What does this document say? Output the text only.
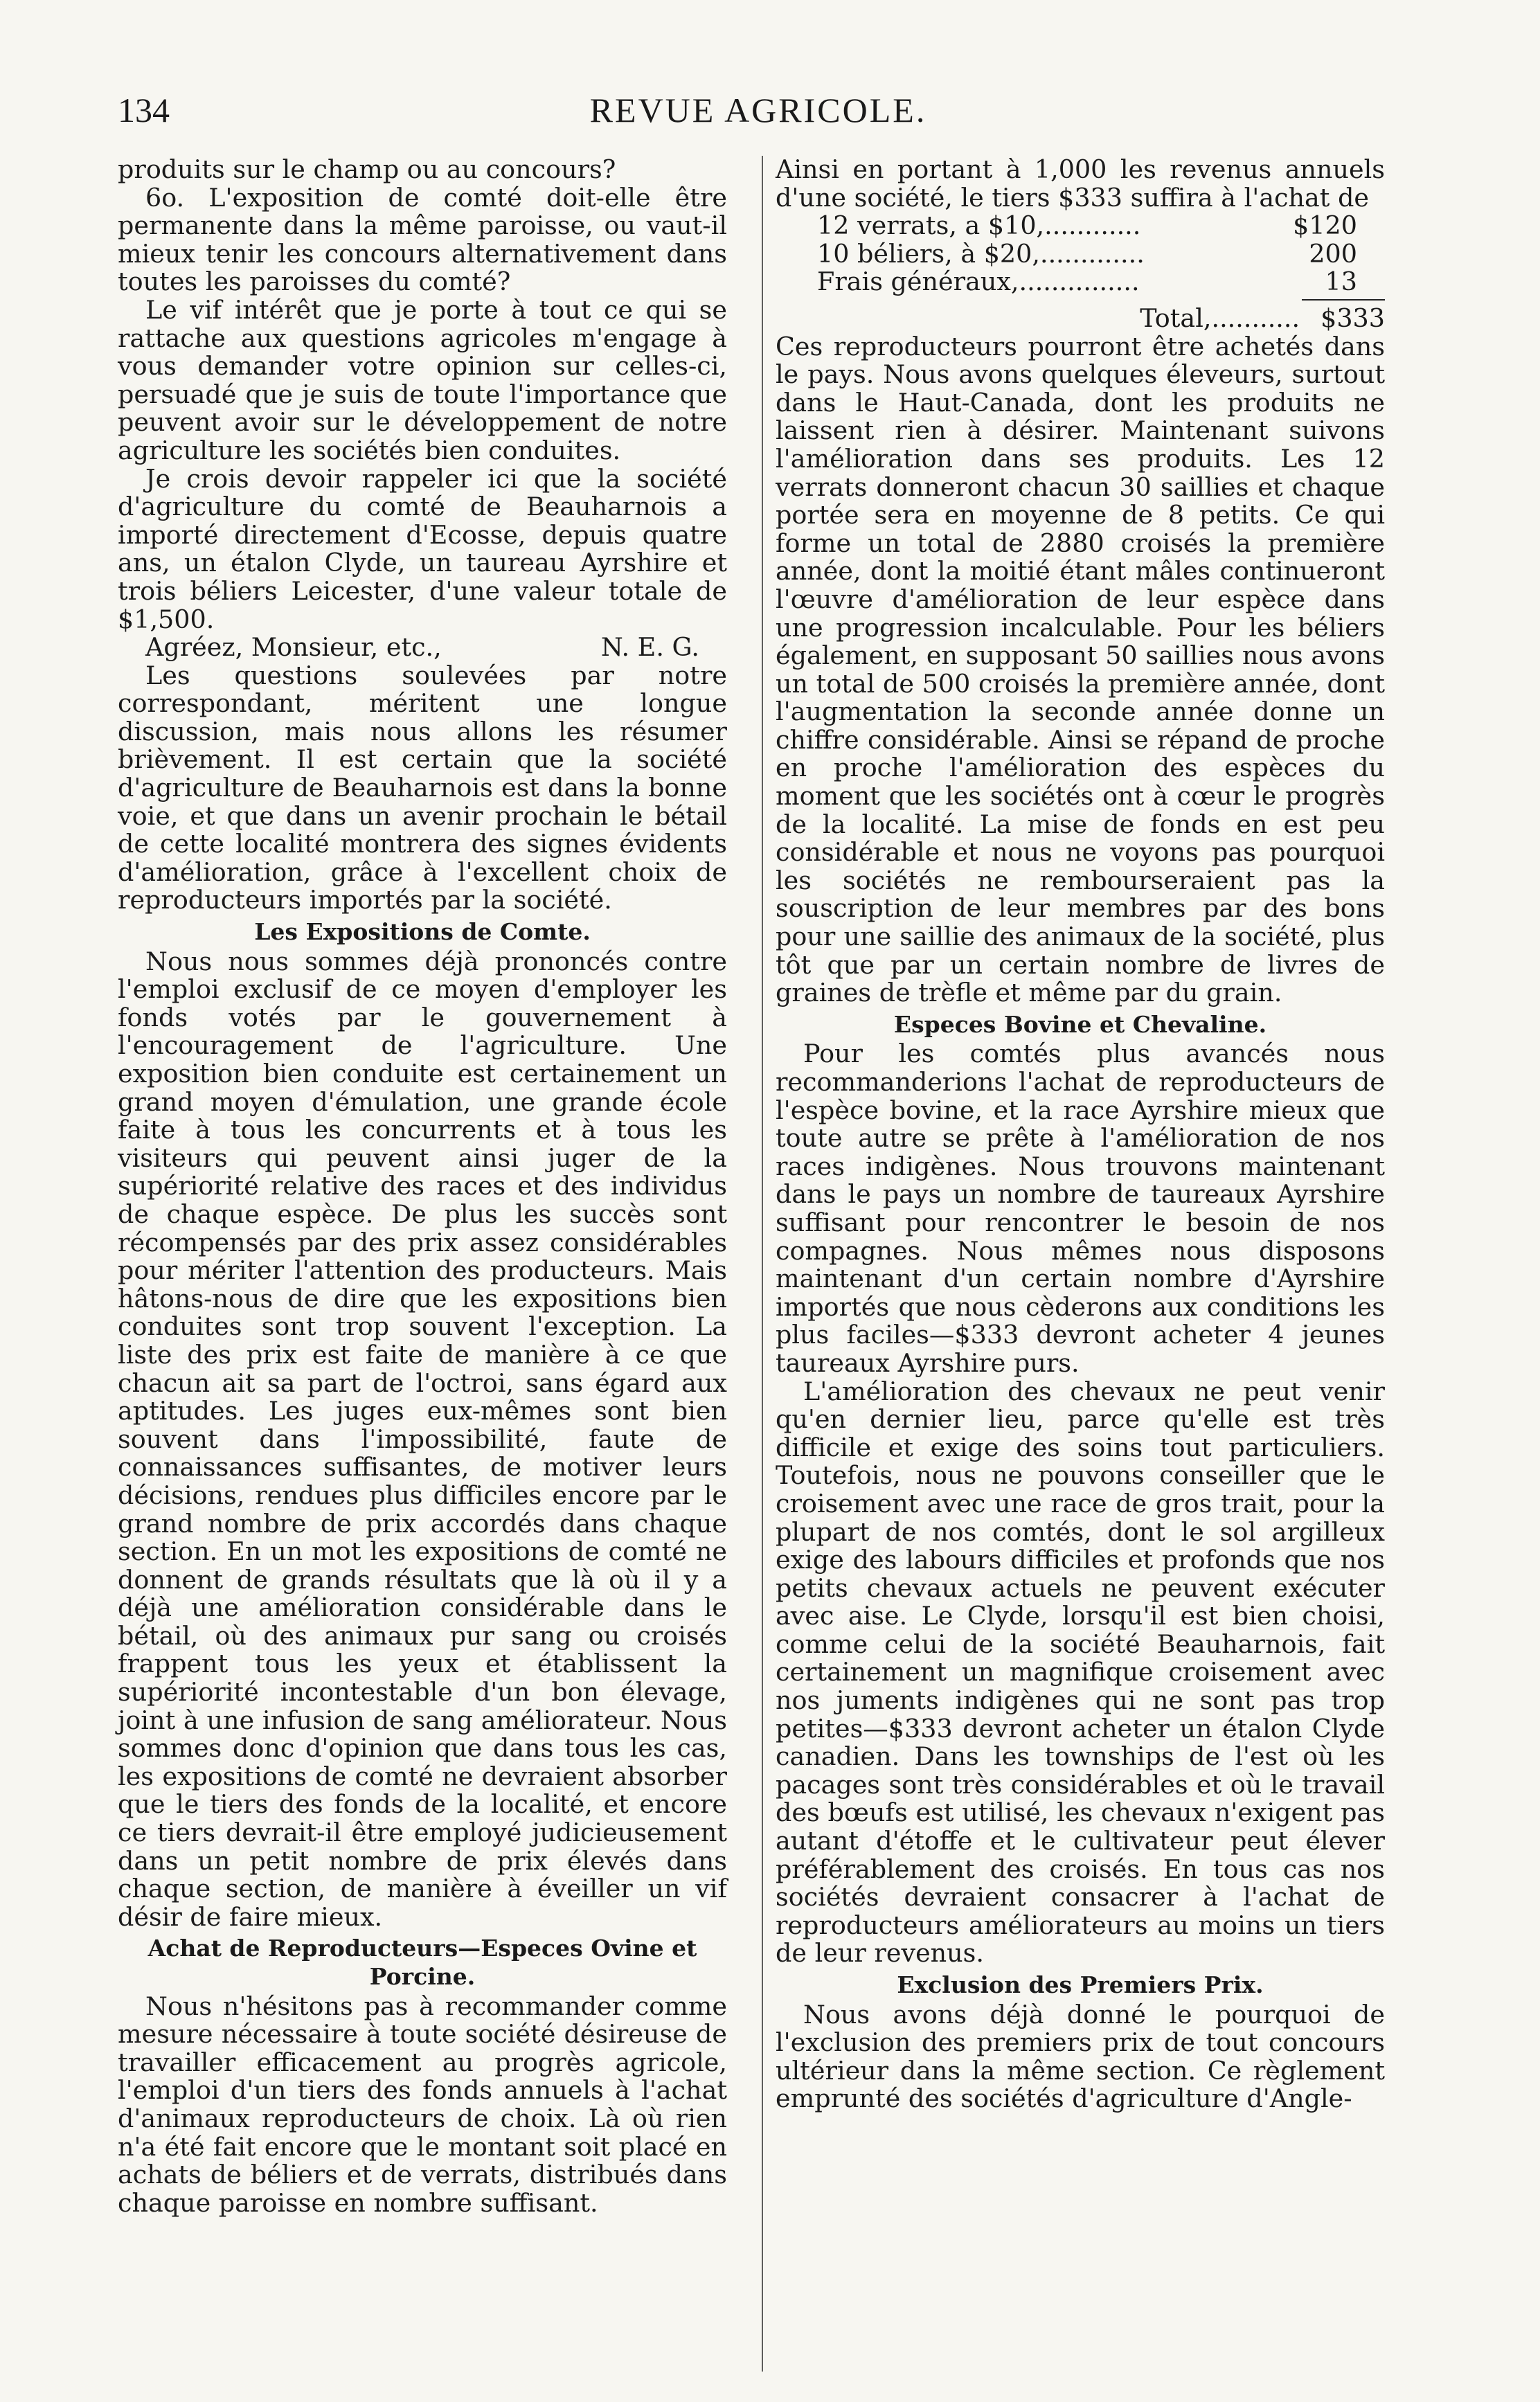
134	REVUE AGRICOLE.

produits sur le champ ou au concours?

6o. L'exposition de comté doit-elle être permanente dans la même paroisse, ou vaut-il mieux tenir les concours alternativement dans toutes les paroisses du comté?

Le vif intérêt que je porte à tout ce qui se rattache aux questions agricoles m'engage à vous demander votre opinion sur celles-ci, persuadé que je suis de toute l'importance que peuvent avoir sur le développement de notre agriculture les sociétés bien conduites.

Je crois devoir rappeler ici que la société d'agriculture du comté de Beauharnois a importé directement d'Ecosse, depuis quatre ans, un étalon Clyde, un taureau Ayrshire et trois béliers Leicester, d'une valeur totale de $1,500.

Agréez, Monsieur, etc.,	N. E. G.

Les questions soulevées par notre correspondant, méritent une longue discussion, mais nous allons les résumer brièvement. Il est certain que la société d'agriculture de Beauharnois est dans la bonne voie, et que dans un avenir prochain le bétail de cette localité montrera des signes évidents d'amélioration, grâce à l'excellent choix de reproducteurs importés par la société.

Les Expositions de Comte.

Nous nous sommes déjà prononcés contre l'emploi exclusif de ce moyen d'employer les fonds votés par le gouvernement à l'encouragement de l'agriculture. Une exposition bien conduite est certainement un grand moyen d'émulation, une grande école faite à tous les concurrents et à tous les visiteurs qui peuvent ainsi juger de la supériorité relative des races et des individus de chaque espèce. De plus les succès sont récompensés par des prix assez considérables pour mériter l'attention des producteurs. Mais hâtons-nous de dire que les expositions bien conduites sont trop souvent l'exception. La liste des prix est faite de manière à ce que chacun ait sa part de l'octroi, sans égard aux aptitudes. Les juges eux-mêmes sont bien souvent dans l'impossibilité, faute de connaissances suffisantes, de motiver leurs décisions, rendues plus difficiles encore par le grand nombre de prix accordés dans chaque section. En un mot les expositions de comté ne donnent de grands résultats que là où il y a déjà une amélioration considérable dans le bétail, où des animaux pur sang ou croisés frappent tous les yeux et établissent la supériorité incontestable d'un bon élevage, joint à une infusion de sang améliorateur. Nous sommes donc d'opinion que dans tous les cas, les expositions de comté ne devraient absorber que le tiers des fonds de la localité, et encore ce tiers devrait-il être employé judicieusement dans un petit nombre de prix élevés dans chaque section, de manière à éveiller un vif désir de faire mieux.

Achat de Reproducteurs—Especes Ovine et Porcine.

Nous n'hésitons pas à recommander comme mesure nécessaire à toute société désireuse de travailler efficacement au progrès agricole, l'emploi d'un tiers des fonds annuels à l'achat d'animaux reproducteurs de choix. Là où rien n'a été fait encore que le montant soit placé en achats de béliers et de verrats, distribués dans chaque paroisse en nombre suffisant.

Ainsi en portant à 1,000 les revenus annuels d'une société, le tiers $333 suffira à l'achat de

12 verrats, a $10,............	$120
10 béliers, à $20,.............	200
Frais généraux,...............	13
Total,........... $333

Ces reproducteurs pourront être achetés dans le pays. Nous avons quelques éleveurs, surtout dans le Haut-Canada, dont les produits ne laissent rien à désirer. Maintenant suivons l'amélioration dans ses produits. Les 12 verrats donneront chacun 30 saillies et chaque portée sera en moyenne de 8 petits. Ce qui forme un total de 2880 croisés la première année, dont la moitié étant mâles continueront l'œuvre d'amélioration de leur espèce dans une progression incalculable. Pour les béliers également, en supposant 50 saillies nous avons un total de 500 croisés la première année, dont l'augmentation la seconde année donne un chiffre considérable. Ainsi se répand de proche en proche l'amélioration des espèces du moment que les sociétés ont à cœur le progrès de la localité. La mise de fonds en est peu considérable et nous ne voyons pas pourquoi les sociétés ne rembourseraient pas la souscription de leur membres par des bons pour une saillie des animaux de la société, plus tôt que par un certain nombre de livres de graines de trèfle et même par du grain.

Especes Bovine et Chevaline.

Pour les comtés plus avancés nous recommanderions l'achat de reproducteurs de l'espèce bovine, et la race Ayrshire mieux que toute autre se prête à l'amélioration de nos races indigènes. Nous trouvons maintenant dans le pays un nombre de taureaux Ayrshire suffisant pour rencontrer le besoin de nos compagnes. Nous mêmes nous disposons maintenant d'un certain nombre d'Ayrshire importés que nous cèderons aux conditions les plus faciles—$333 devront acheter 4 jeunes taureaux Ayrshire purs.

L'amélioration des chevaux ne peut venir qu'en dernier lieu, parce qu'elle est très difficile et exige des soins tout particuliers. Toutefois, nous ne pouvons conseiller que le croisement avec une race de gros trait, pour la plupart de nos comtés, dont le sol argilleux exige des labours difficiles et profonds que nos petits chevaux actuels ne peuvent exécuter avec aise. Le Clyde, lorsqu'il est bien choisi, comme celui de la société Beauharnois, fait certainement un magnifique croisement avec nos juments indigènes qui ne sont pas trop petites—$333 devront acheter un étalon Clyde canadien. Dans les townships de l'est où les pacages sont très considérables et où le travail des bœufs est utilisé, les chevaux n'exigent pas autant d'étoffe et le cultivateur peut élever préférablement des croisés. En tous cas nos sociétés devraient consacrer à l'achat de reproducteurs améliorateurs au moins un tiers de leur revenus.

Exclusion des Premiers Prix.

Nous avons déjà donné le pourquoi de l'exclusion des premiers prix de tout concours ultérieur dans la même section. Ce règlement emprunté des sociétés d'agriculture d'Angle-
